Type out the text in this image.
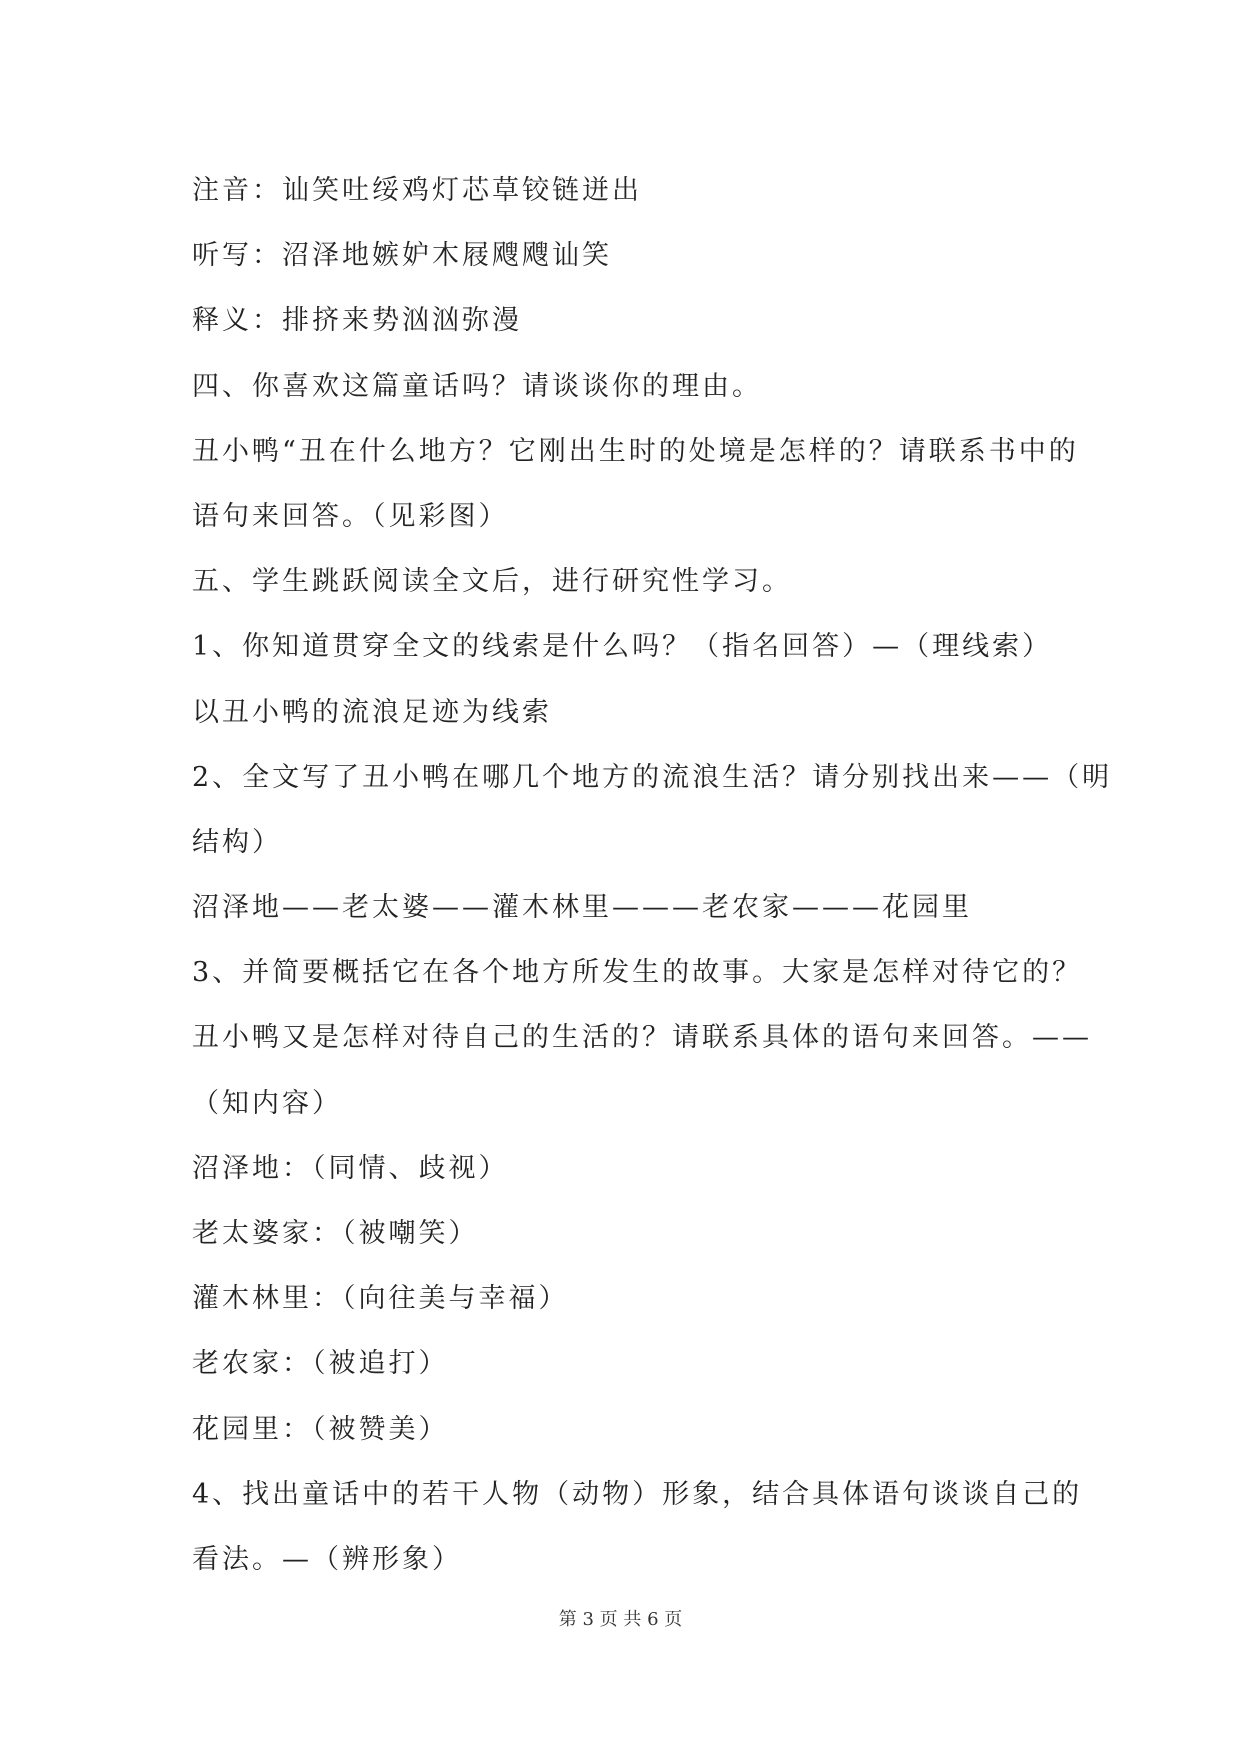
注音：讪笑吐绥鸡灯芯草铰链迸出
听写：沼泽地嫉妒木屐飕飕讪笑
释义：排挤来势汹汹弥漫
四、你喜欢这篇童话吗？请谈谈你的理由。
丑小鸭“丑在什么地方？它刚出生时的处境是怎样的？请联系书中的
语句来回答。（见彩图）
五、学生跳跃阅读全文后，进行研究性学习。
1、你知道贯穿全文的线索是什么吗？（指名回答）—（理线索）
以丑小鸭的流浪足迹为线索
2、全文写了丑小鸭在哪几个地方的流浪生活？请分别找出来——（明
结构）
沼泽地——老太婆——灌木林里———老农家———花园里
3、并简要概括它在各个地方所发生的故事。大家是怎样对待它的？
丑小鸭又是怎样对待自己的生活的？请联系具体的语句来回答。——
（知内容）
沼泽地：（同情、歧视）
老太婆家：（被嘲笑）
灌木林里：（向往美与幸福）
老农家：（被追打）
花园里：（被赞美）
4、找出童话中的若干人物（动物）形象，结合具体语句谈谈自己的
看法。—（辨形象）
第 3 页 共 6 页
